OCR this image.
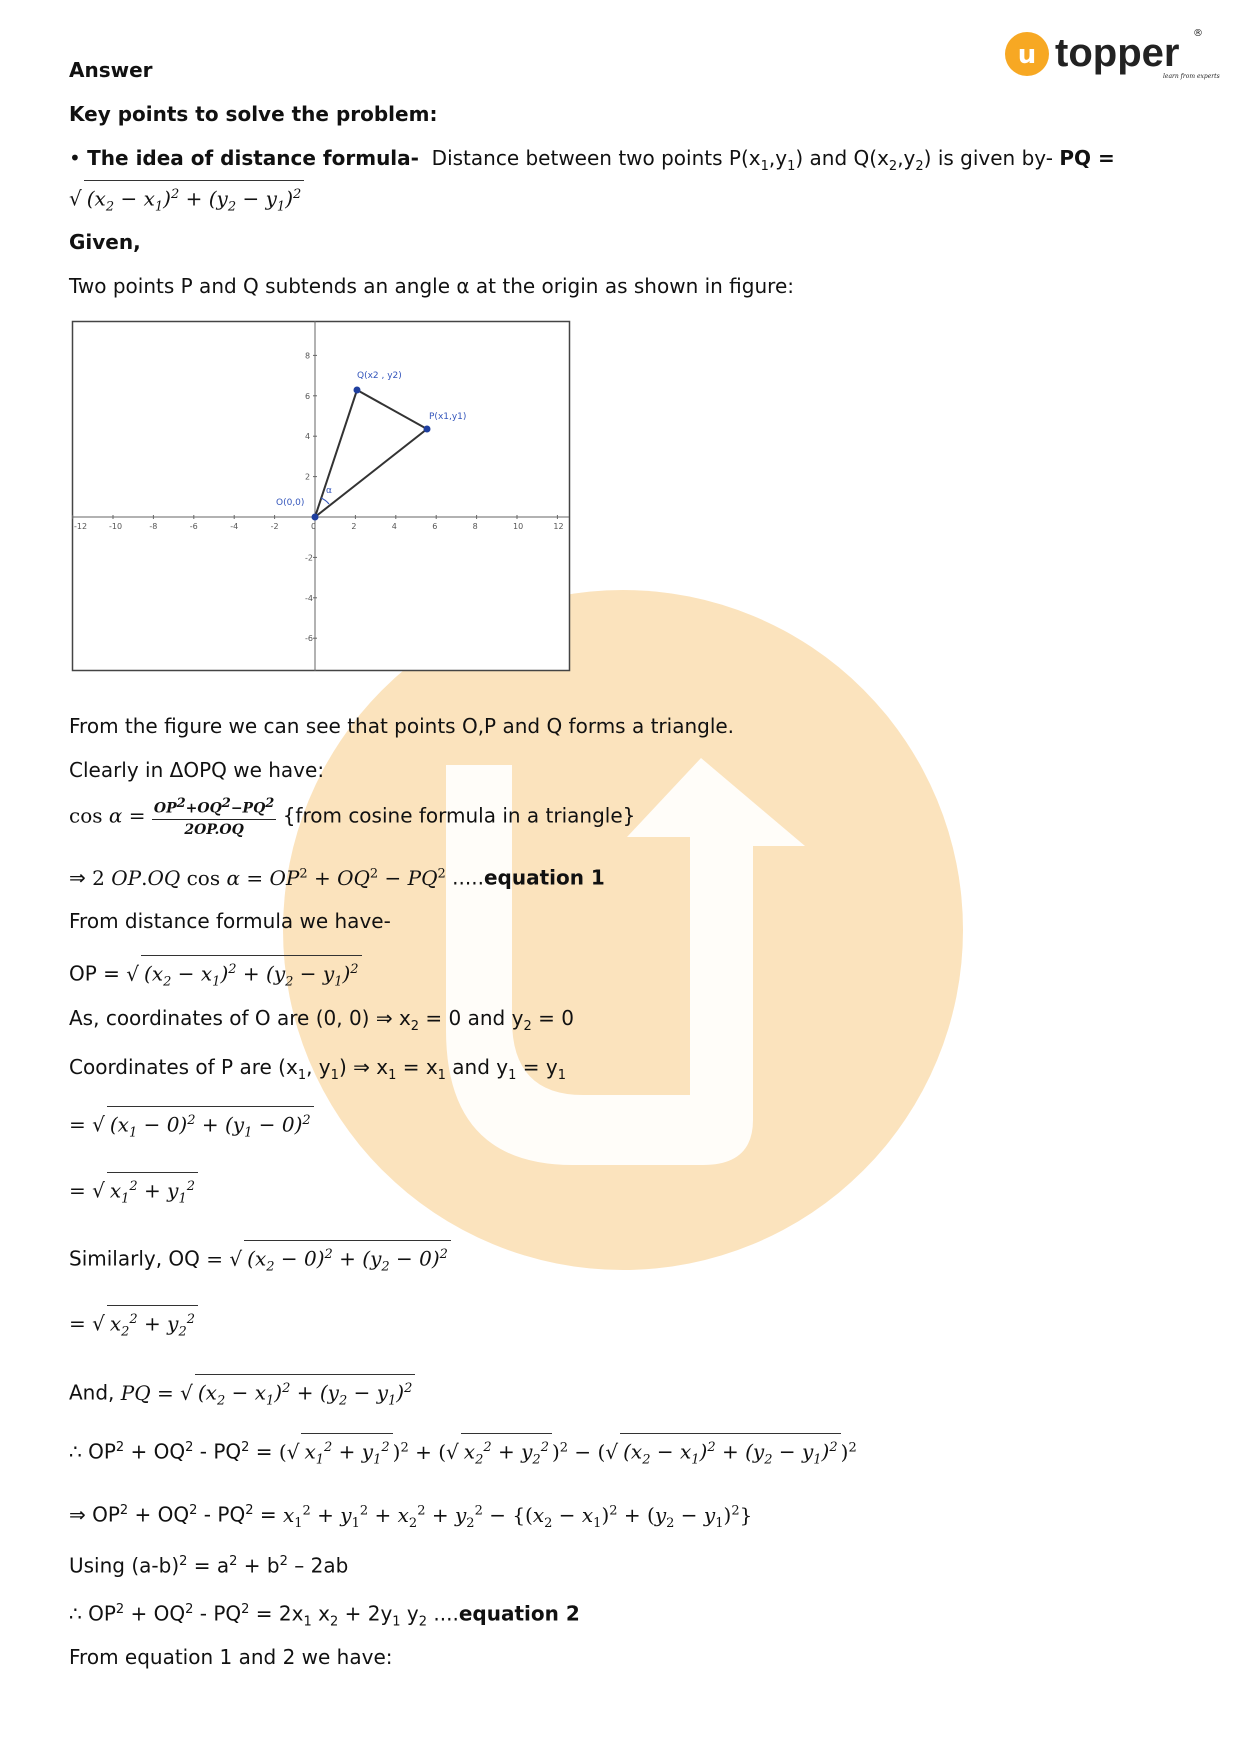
u topper ®
learn from experts
Answer
Key points to solve the problem:
• The idea of distance formula- Distance between two points $P(x_1,y_1)$ and $Q(x_2,y_2)$ is given by- PQ =
√ $(x_2 - x_1)^2 + (y_2 - y_1)^2$
Given,
Two points P and Q subtends an angle α at the origin as shown in figure:
From the figure we can see that points O,P and Q forms a triangle.
Clearly in ΔOPQ we have:
$\cos \alpha = \frac{OP^2+OQ^2-PQ^2}{2OP.OQ}$ {from cosine formula in a triangle}
⇒ 2 OP.OQ $\cos \alpha = OP^2 + OQ^2 - PQ^2$ .....equation 1
From distance formula we have-
OP = √ $(x_2 - x_1)^2 + (y_2 - y_1)^2$
As, coordinates of O are (0, 0) ⇒ $x_2 = 0$ and $y_2 = 0$
Coordinates of P are ($x_1$, $y_1$) ⇒ $x_1 = x_1$ and $y_1 = y_1$
= √ $(x_1 - 0)^2 + (y_1 - 0)^2$
= √ $x_1^2 + y_1^2$
Similarly, OQ = √ $(x_2 - 0)^2 + (y_2 - 0)^2$
= √ $x_2^2 + y_2^2$
And, PQ = √ $(x_2 - x_1)^2 + (y_2 - y_1)^2$
∴ $OP^2 + OQ^2 - PQ^2$ = (√ $x_1^2 + y_1^2$ )$^2$ + (√ $x_2^2 + y_2^2$ )$^2$ − (√ $(x_2 - x_1)^2 + (y_2 - y_1)^2$ )$^2$
⇒ $OP^2 + OQ^2 - PQ^2 = x_1^2 + y_1^2 + x_2^2 + y_2^2 - \{(x_2 - x_1)^2 + (y_2 - y_1)^2\}$
Using $(a-b)^2 = a^2 + b^2 - 2ab$
∴ $OP^2 + OQ^2 - PQ^2 = 2x_1$ $x_2 + 2y_1$ $y_2$ ....equation 2
From equation 1 and 2 we have:
-12	-10	-8	-6	-4	-2	0	2	4	6	8	10	12
8
6
4
2
-2
-4
-6
Q(x2 , y2)
P(x1,y1)
O(0,0)
α
